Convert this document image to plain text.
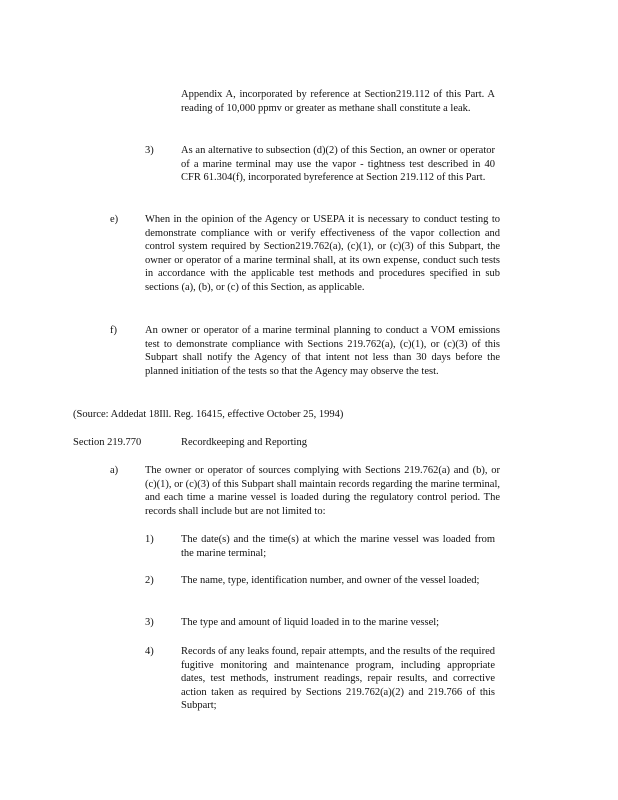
Appendix A, incorporated by reference at Section219.112 of this Part. A reading of 10,000 ppmv or greater as methane shall constitute a leak.
3)	As an alternative to subsection (d)(2) of this Section, an owner or operator of a marine terminal may use the vapor - tightness test described in 40 CFR 61.304(f), incorporated byreference at Section 219.112 of this Part.
e)	When in the opinion of the Agency or USEPA it is necessary to conduct testing to demonstrate compliance with or verify effectiveness of the vapor collection and control system required by Section219.762(a), (c)(1), or (c)(3) of this Subpart, the owner or operator of a marine terminal shall, at its own expense, conduct such tests in accordance with the applicable test methods and procedures specified in sub sections (a), (b), or (c) of this Section, as applicable.
f)	An owner or operator of a marine terminal planning to conduct a VOM emissions test to demonstrate compliance with Sections 219.762(a), (c)(1), or (c)(3) of this Subpart shall notify the Agency of that intent not less than 30 days before the planned initiation of the tests so that the Agency may observe the test.
(Source: Addedat 18Ill. Reg. 16415, effective October 25, 1994)
Section 219.770	Recordkeeping and Reporting
a)	The owner or operator of sources complying with Sections 219.762(a) and (b), or (c)(1), or (c)(3) of this Subpart shall maintain records regarding the marine terminal, and each time a marine vessel is loaded during the regulatory control period. The records shall include but are not limited to:
1)	The date(s) and the time(s) at which the marine vessel was loaded from the marine terminal;
2)	The name, type, identification number, and owner of the vessel loaded;
3)	The type and amount of liquid loaded in to the marine vessel;
4)	Records of any leaks found, repair attempts, and the results of the required fugitive monitoring and maintenance program, including appropriate dates, test methods, instrument readings, repair results, and corrective action taken as required by Sections 219.762(a)(2) and 219.766 of this Subpart;
